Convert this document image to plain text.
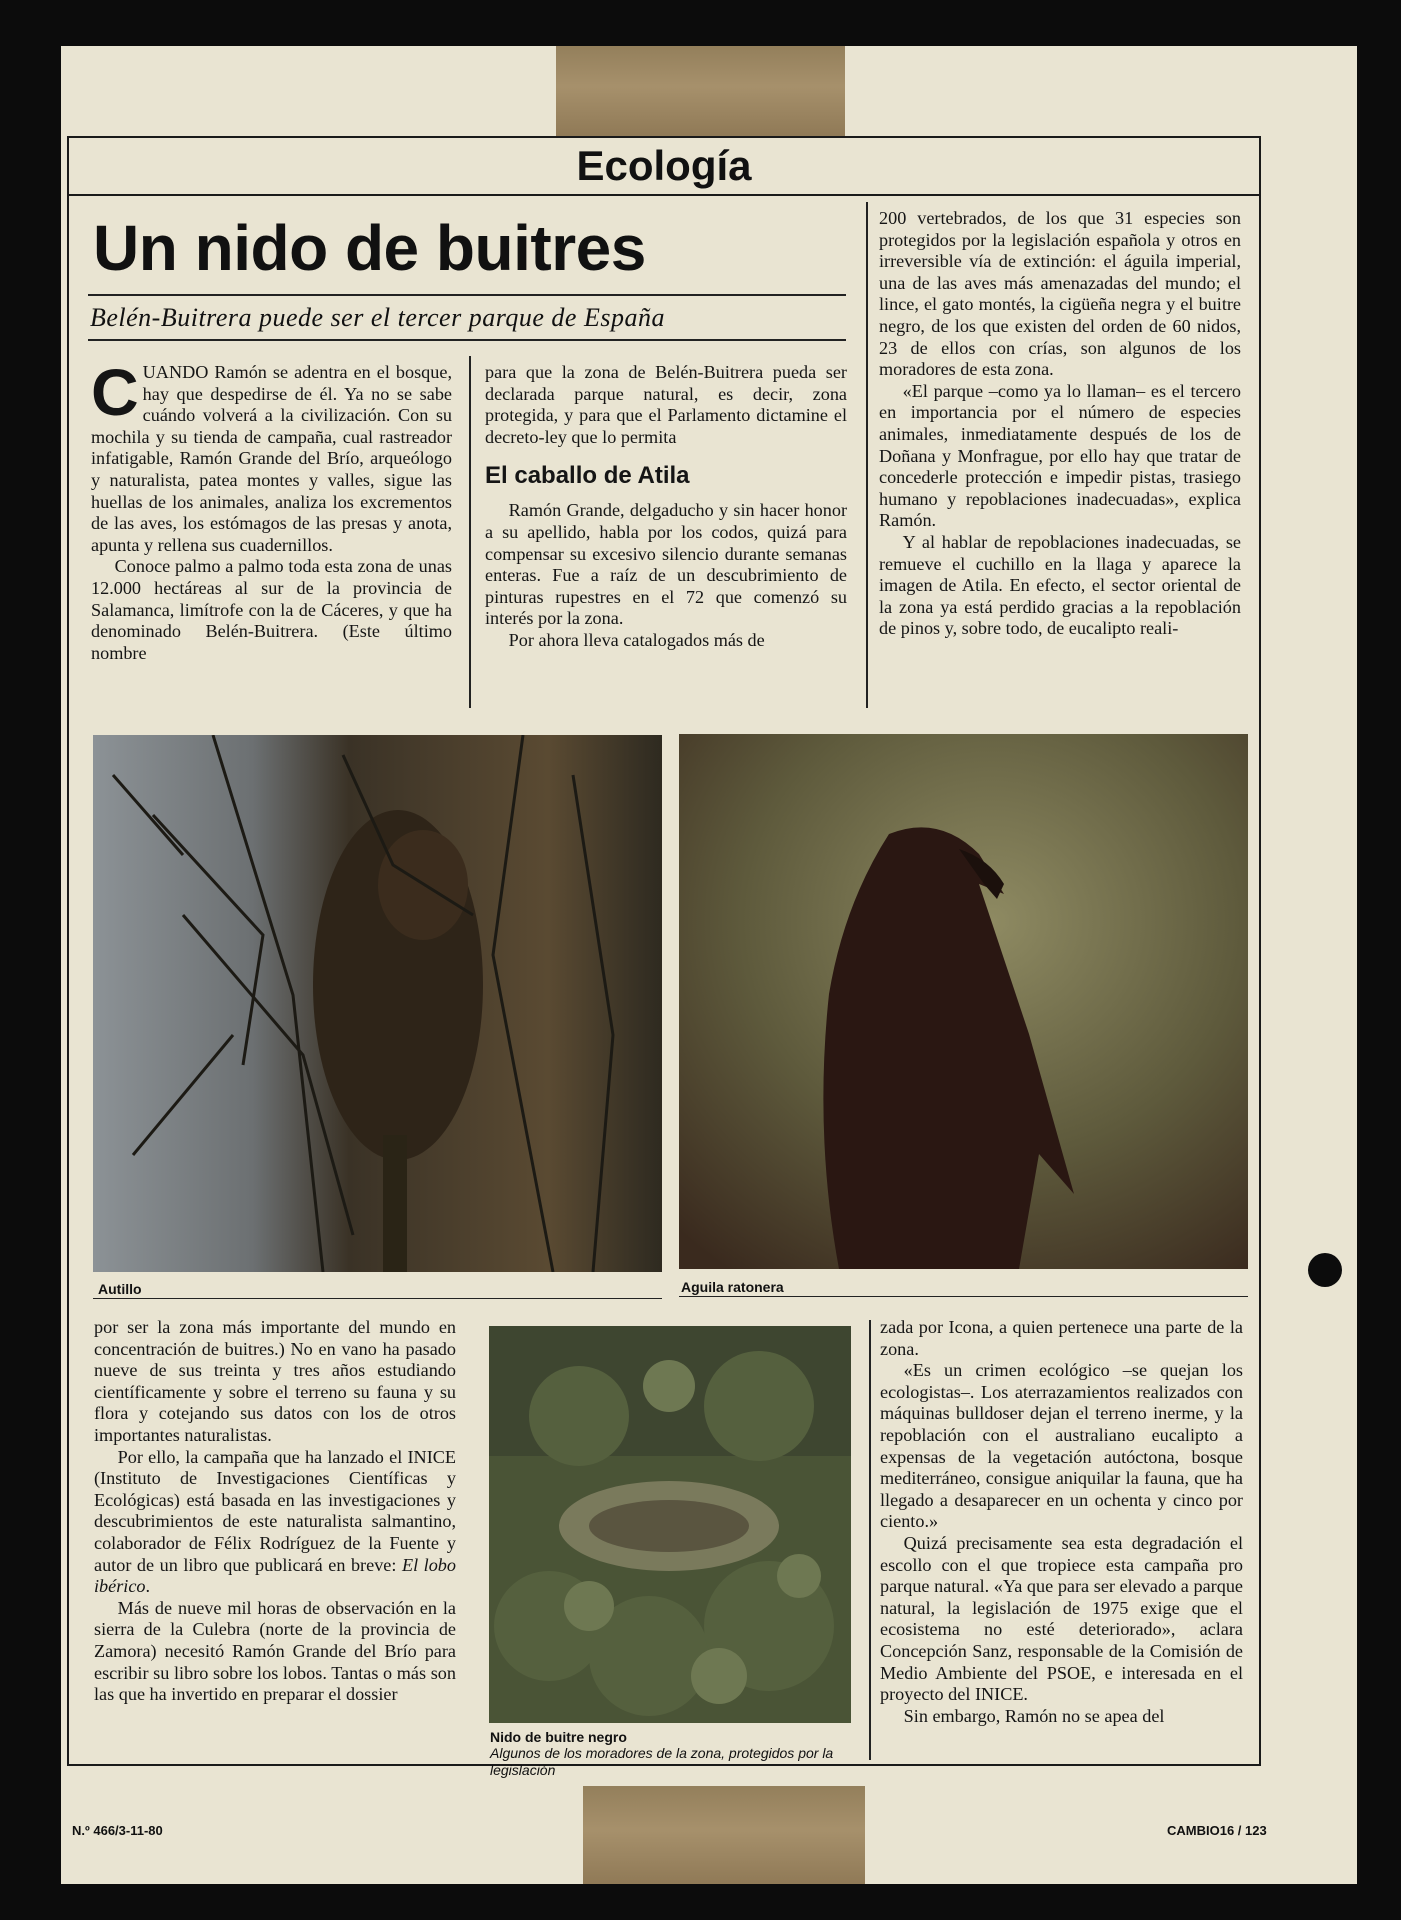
Ecología
Un nido de buitres
Belén-Buitrera puede ser el tercer parque de España

CUANDO Ramón se adentra en el bosque, hay que despedirse de él. Ya no se sabe cuándo volverá a la civilización. Con su mochila y su tienda de campaña, cual rastreador infatigable, Ramón Grande del Brío, arqueólogo y naturalista, patea montes y valles, sigue las huellas de los animales, analiza los excrementos de las aves, los estómagos de las presas y anota, apunta y rellena sus cuadernillos.

Conoce palmo a palmo toda esta zona de unas 12.000 hectáreas al sur de la provincia de Salamanca, limítrofe con la de Cáceres, y que ha denominado Belén-Buitrera. (Este último nombre

para que la zona de Belén-Buitrera pueda ser declarada parque natural, es decir, zona protegida, y para que el Parlamento dictamine el decreto-ley que lo permita

El caballo de Atila

Ramón Grande, delgaducho y sin hacer honor a su apellido, habla por los codos, quizá para compensar su excesivo silencio durante semanas enteras. Fue a raíz de un descubrimiento de pinturas rupestres en el 72 que comenzó su interés por la zona.

Por ahora lleva catalogados más de

200 vertebrados, de los que 31 especies son protegidos por la legislación española y otros en irreversible vía de extinción: el águila imperial, una de las aves más amenazadas del mundo; el lince, el gato montés, la cigüeña negra y el buitre negro, de los que existen del orden de 60 nidos, 23 de ellos con crías, son algunos de los moradores de esta zona.

«El parque –como ya lo llaman– es el tercero en importancia por el número de especies animales, inmediatamente después de los de Doñana y Monfrague, por ello hay que tratar de concederle protección e impedir pistas, trasiego humano y repoblaciones inadecuadas», explica Ramón.

Y al hablar de repoblaciones inadecuadas, se remueve el cuchillo en la llaga y aparece la imagen de Atila. En efecto, el sector oriental de la zona ya está perdido gracias a la repoblación de pinos y, sobre todo, de eucalipto reali-

Autillo	Aguila ratonera

por ser la zona más importante del mundo en concentración de buitres.) No en vano ha pasado nueve de sus treinta y tres años estudiando científicamente y sobre el terreno su fauna y su flora y cotejando sus datos con los de otros importantes naturalistas.

Por ello, la campaña que ha lanzado el INICE (Instituto de Investigaciones Científicas y Ecológicas) está basada en las investigaciones y descubrimientos de este naturalista salmantino, colaborador de Félix Rodríguez de la Fuente y autor de un libro que publicará en breve: El lobo ibérico.

Más de nueve mil horas de observación en la sierra de la Culebra (norte de la provincia de Zamora) necesitó Ramón Grande del Brío para escribir su libro sobre los lobos. Tantas o más son las que ha invertido en preparar el dossier

Nido de buitre negro
Algunos de los moradores de la zona, protegidos por la legislación

zada por Icona, a quien pertenece una parte de la zona.

«Es un crimen ecológico –se quejan los ecologistas–. Los aterrazamientos realizados con máquinas bulldoser dejan el terreno inerme, y la repoblación con el australiano eucalipto a expensas de la vegetación autóctona, bosque mediterráneo, consigue aniquilar la fauna, que ha llegado a desaparecer en un ochenta y cinco por ciento.»

Quizá precisamente sea esta degradación el escollo con el que tropiece esta campaña pro parque natural. «Ya que para ser elevado a parque natural, la legislación de 1975 exige que el ecosistema no esté deteriorado», aclara Concepción Sanz, responsable de la Comisión de Medio Ambiente del PSOE, e interesada en el proyecto del INICE.

Sin embargo, Ramón no se apea del

N.º 466/3-11-80	CAMBIO16 / 123
